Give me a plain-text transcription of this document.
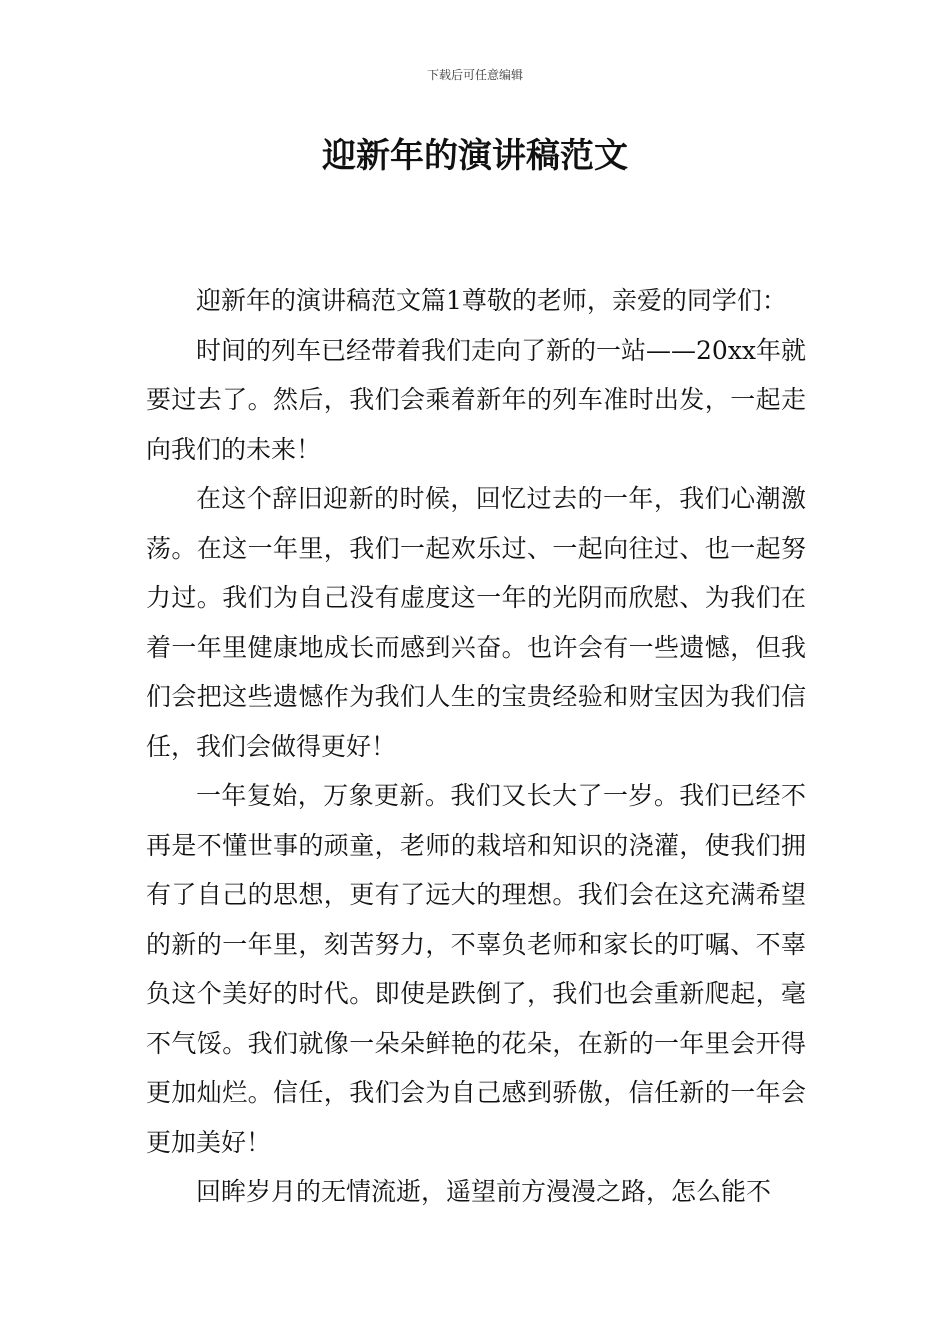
下载后可任意编辑
迎新年的演讲稿范文

迎新年的演讲稿范文篇1尊敬的老师，亲爱的同学们：

时间的列车已经带着我们走向了新的一站——20xx年就要过去了。然后，我们会乘着新年的列车准时出发，一起走向我们的未来！

在这个辞旧迎新的时候，回忆过去的一年，我们心潮激荡。在这一年里，我们一起欢乐过、一起向往过、也一起努力过。我们为自己没有虚度这一年的光阴而欣慰、为我们在着一年里健康地成长而感到兴奋。也许会有一些遗憾，但我们会把这些遗憾作为我们人生的宝贵经验和财宝因为我们信任，我们会做得更好！

一年复始，万象更新。我们又长大了一岁。我们已经不再是不懂世事的顽童，老师的栽培和知识的浇灌，使我们拥有了自己的思想，更有了远大的理想。我们会在这充满希望的新的一年里，刻苦努力，不辜负老师和家长的叮嘱、不辜负这个美好的时代。即使是跌倒了，我们也会重新爬起，毫不气馁。我们就像一朵朵鲜艳的花朵，在新的一年里会开得更加灿烂。信任，我们会为自己感到骄傲，信任新的一年会更加美好！

回眸岁月的无情流逝，遥望前方漫漫之路，怎么能不
